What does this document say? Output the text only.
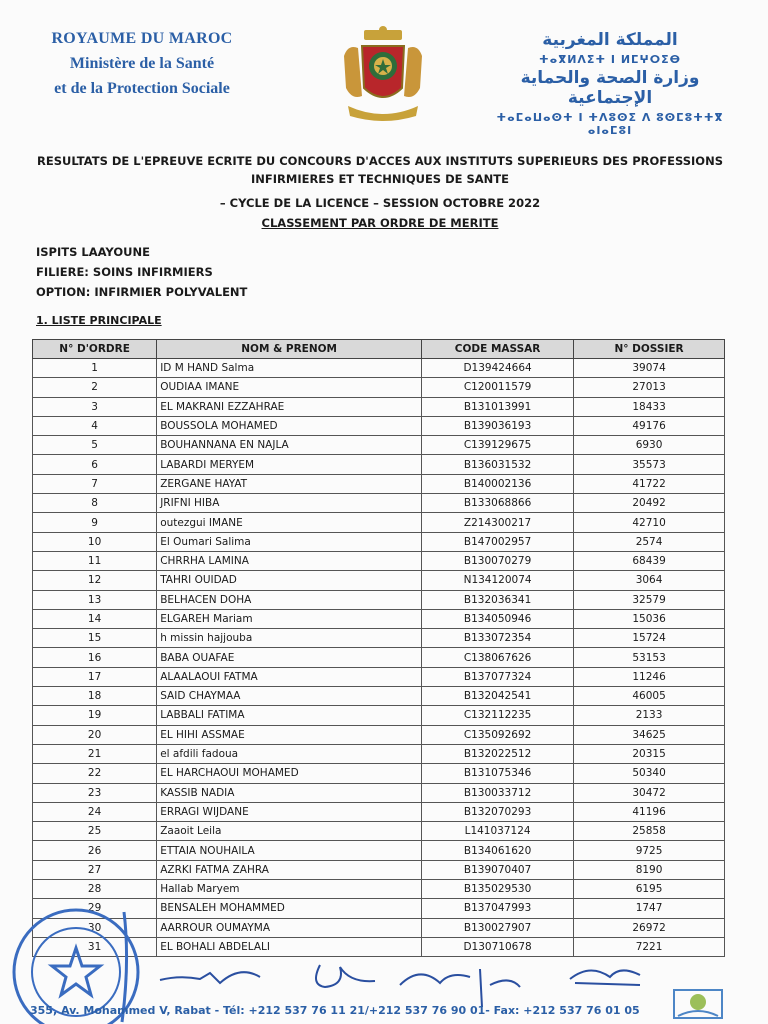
ROYAUME DU MAROC
Ministère de la Santé
et de la Protection Sociale
المملكة المغربية
ⵜⴰⴳⵍⴷⵉⵜ ⵏ ⵍⵎⵖⵔⵉⴱ
وزارة الصحة والحماية الإجتماعية
ⵜⴰⵎⴰⵡⴰⵙⵜ ⵏ ⵜⴷⵓⵙⵉ ⴷ ⵓⵙⵎⵓⵜⵜⴳ ⴰⵏⴰⵎⵓⵏ
RESULTATS DE L'EPREUVE ECRITE DU CONCOURS D'ACCES AUX INSTITUTS SUPERIEURS DES PROFESSIONS
INFIRMIERES ET TECHNIQUES DE SANTE
– CYCLE DE LA LICENCE – SESSION OCTOBRE 2022
CLASSEMENT PAR ORDRE DE MERITE
ISPITS LAAYOUNE
FILIERE: SOINS INFIRMIERS
OPTION: INFIRMIER POLYVALENT
1. LISTE PRINCIPALE
N° D'ORDRE	NOM & PRENOM	CODE MASSAR	N° DOSSIER
1	ID M HAND Salma	D139424664	39074
2	OUDIAA IMANE	C120011579	27013
3	EL MAKRANI EZZAHRAE	B131013991	18433
4	BOUSSOLA MOHAMED	B139036193	49176
5	BOUHANNANA EN NAJLA	C139129675	6930
6	LABARDI MERYEM	B136031532	35573
7	ZERGANE HAYAT	B140002136	41722
8	JRIFNI HIBA	B133068866	20492
9	outezgui IMANE	Z214300217	42710
10	El Oumari Salima	B147002957	2574
11	CHRRHA LAMINA	B130070279	68439
12	TAHRI OUIDAD	N134120074	3064
13	BELHACEN DOHA	B132036341	32579
14	ELGAREH Mariam	B134050946	15036
15	h missin hajjouba	B133072354	15724
16	BABA OUAFAE	C138067626	53153
17	ALAALAOUI FATMA	B137077324	11246
18	SAID CHAYMAA	B132042541	46005
19	LABBALI FATIMA	C132112235	2133
20	EL HIHI ASSMAE	C135092692	34625
21	el afdili fadoua	B132022512	20315
22	EL HARCHAOUI MOHAMED	B131075346	50340
23	KASSIB NADIA	B130033712	30472
24	ERRAGI WIJDANE	B132070293	41196
25	Zaaoit Leila	L141037124	25858
26	ETTAIA NOUHAILA	B134061620	9725
27	AZRKI FATMA ZAHRA	B139070407	8190
28	Hallab Maryem	B135029530	6195
29	BENSALEH MOHAMMED	B137047993	1747
30	AARROUR OUMAYMA	B130027907	26972
31	EL BOHALI ABDELALI	D130710678	7221
355, Av. Mohammed V, Rabat - Tél: +212 537 76 11 21/+212 537 76 90 01- Fax: +212 537 76 01 05
